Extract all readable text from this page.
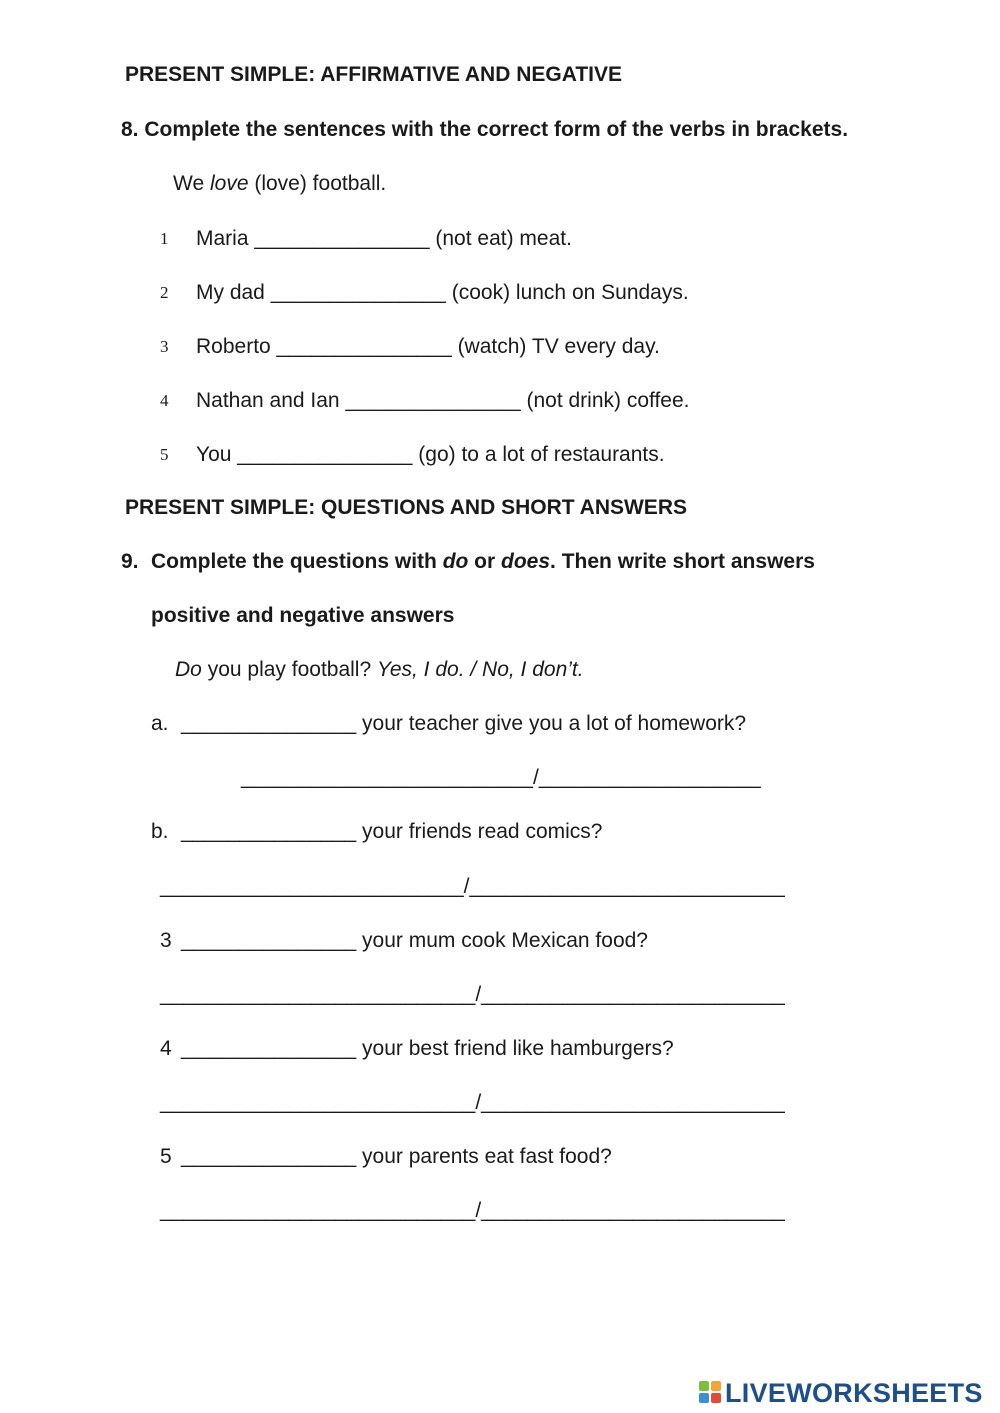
PRESENT SIMPLE: AFFIRMATIVE AND NEGATIVE
8. Complete the sentences with the correct form of the verbs in brackets.
We love (love) football.

1

Maria _______________ (not eat) meat.

2

My dad _______________ (cook) lunch on Sundays.

3

Roberto _______________ (watch) TV every day.

4

Nathan and Ian _______________ (not drink) coffee.

5

You _______________ (go) to a lot of restaurants.

PRESENT SIMPLE: QUESTIONS AND SHORT ANSWERS
9. Complete the questions with do or does. Then write short answers
positive and negative answers
Do you play football? Yes, I do. / No, I don’t.
a. _______________ your teacher give you a lot of homework?
_________________________/___________________
b. _______________ your friends read comics?
__________________________/___________________________
3 _______________ your mum cook Mexican food?
___________________________/__________________________
4 _______________ your best friend like hamburgers?
___________________________/__________________________
5 _______________ your parents eat fast food?
___________________________/__________________________
LIVEWORKSHEETS
